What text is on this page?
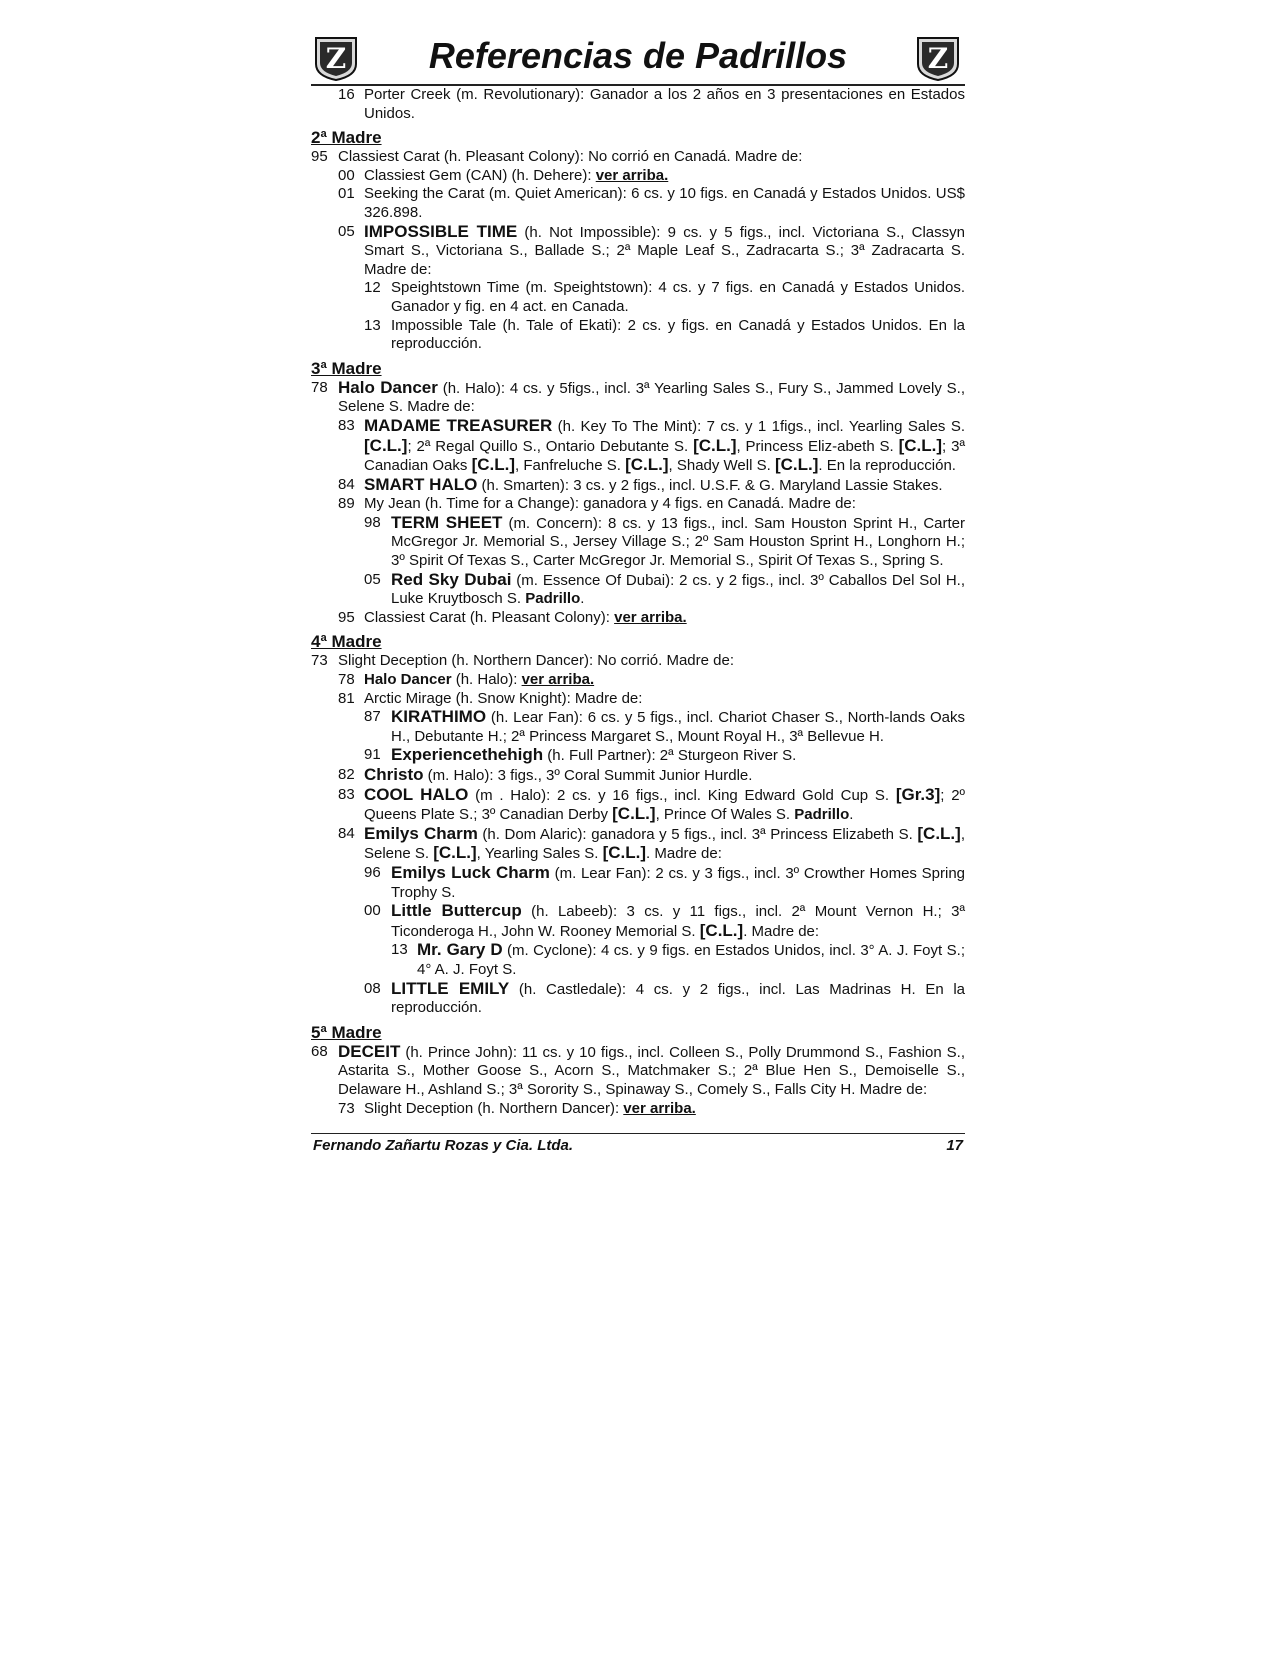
Z	Referencias de Padrillos	Z
16 Porter Creek (m. Revolutionary): Ganador a los 2 años en 3 presentaciones en Estados Unidos.
2ª Madre
95 Classiest Carat (h. Pleasant Colony): No corrió en Canadá. Madre de:
00 Classiest Gem (CAN) (h. Dehere): ver arriba.
01 Seeking the Carat (m. Quiet American): 6 cs. y 10 figs. en Canadá y Estados Unidos. US$ 326.898.
05 IMPOSSIBLE TIME (h. Not Impossible): 9 cs. y 5 figs., incl. Victoriana S., Classyn Smart S., Victoriana S., Ballade S.; 2ª Maple Leaf S., Zadracarta S.; 3ª Zadracarta S. Madre de:
12 Speightstown Time (m. Speightstown): 4 cs. y 7 figs. en Canadá y Estados Unidos. Ganador y fig. en 4 act. en Canada.
13 Impossible Tale (h. Tale of Ekati): 2 cs. y figs. en Canadá y Estados Unidos. En la reproducción.
3ª Madre
78 Halo Dancer (h. Halo): 4 cs. y 5figs., incl. 3ª Yearling Sales S., Fury S., Jammed Lovely S., Selene S. Madre de:
83 MADAME TREASURER (h. Key To The Mint): 7 cs. y 1 1figs., incl. Yearling Sales S. [C.L.]; 2ª Regal Quillo S., Ontario Debutante S. [C.L.], Princess Eliz-abeth S. [C.L.]; 3ª Canadian Oaks [C.L.], Fanfreluche S. [C.L.], Shady Well S. [C.L.]. En la reproducción.
84 SMART HALO (h. Smarten): 3 cs. y 2 figs., incl. U.S.F. & G. Maryland Lassie Stakes.
89 My Jean (h. Time for a Change): ganadora y 4 figs. en Canadá. Madre de:
98 TERM SHEET (m. Concern): 8 cs. y 13 figs., incl. Sam Houston Sprint H., Carter McGregor Jr. Memorial S., Jersey Village S.; 2º Sam Houston Sprint H., Longhorn H.; 3º Spirit Of Texas S., Carter McGregor Jr. Memorial S., Spirit Of Texas S., Spring S.
05 Red Sky Dubai (m. Essence Of Dubai): 2 cs. y 2 figs., incl. 3º Caballos Del Sol H., Luke Kruytbosch S. Padrillo.
95 Classiest Carat (h. Pleasant Colony): ver arriba.
4ª Madre
73 Slight Deception (h. Northern Dancer): No corrió. Madre de:
78 Halo Dancer (h. Halo): ver arriba.
81 Arctic Mirage (h. Snow Knight): Madre de:
87 KIRATHIMO (h. Lear Fan): 6 cs. y 5 figs., incl. Chariot Chaser S., North-lands Oaks H., Debutante H.; 2ª Princess Margaret S., Mount Royal H., 3ª Bellevue H.
91 Experiencethehigh (h. Full Partner): 2ª Sturgeon River S.
82 Christo (m. Halo): 3 figs., 3º Coral Summit Junior Hurdle.
83 COOL HALO (m . Halo): 2 cs. y 16 figs., incl. King Edward Gold Cup S. [Gr.3]; 2º Queens Plate S.; 3º Canadian Derby [C.L.], Prince Of Wales S. Padrillo.
84 Emilys Charm (h. Dom Alaric): ganadora y 5 figs., incl. 3ª Princess Elizabeth S. [C.L.], Selene S. [C.L.], Yearling Sales S. [C.L.]. Madre de:
96 Emilys Luck Charm (m. Lear Fan): 2 cs. y 3 figs., incl. 3º Crowther Homes Spring Trophy S.
00 Little Buttercup (h. Labeeb): 3 cs. y 11 figs., incl. 2ª Mount Vernon H.; 3ª Ticonderoga H., John W. Rooney Memorial S. [C.L.]. Madre de:
13 Mr. Gary D (m. Cyclone): 4 cs. y 9 figs. en Estados Unidos, incl. 3° A. J. Foyt S.; 4° A. J. Foyt S.
08 LITTLE EMILY (h. Castledale): 4 cs. y 2 figs., incl. Las Madrinas H. En la reproducción.
5ª Madre
68 DECEIT (h. Prince John): 11 cs. y 10 figs., incl. Colleen S., Polly Drummond S., Fashion S., Astarita S., Mother Goose S., Acorn S., Matchmaker S.; 2ª Blue Hen S., Demoiselle S., Delaware H., Ashland S.; 3ª Sorority S., Spinaway S., Comely S., Falls City H. Madre de:
73 Slight Deception (h. Northern Dancer): ver arriba.
Fernando Zañartu Rozas y Cia. Ltda.	17
